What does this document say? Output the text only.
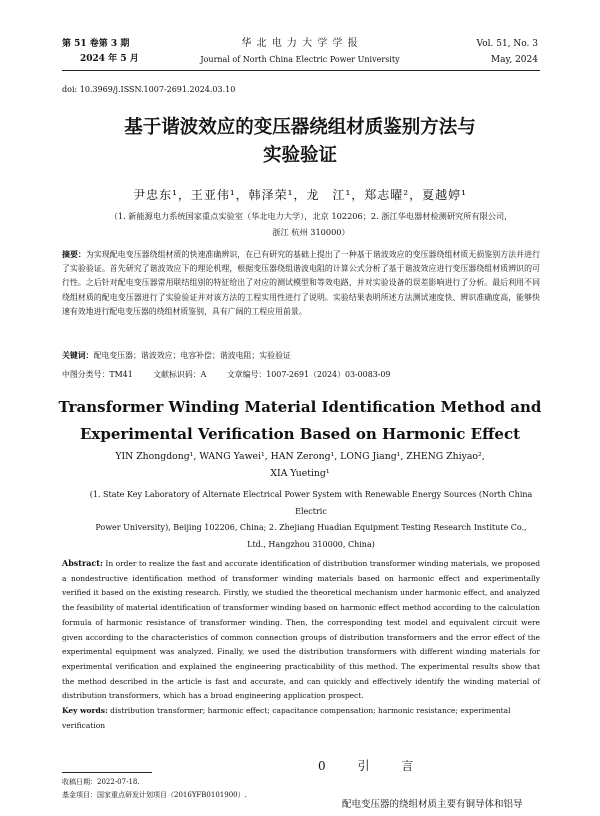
第 51 卷第 3 期
2024 年 5 月
华 北 电 力 大 学 学 报
Journal of North China Electric Power University
Vol. 51, No. 3
May, 2024
doi: 10.3969/j.ISSN.1007-2691.2024.03.10
基于谐波效应的变压器绕组材质鉴别方法与
实验验证
尹忠东¹，王亚伟¹，韩泽荣¹，龙　江¹，郑志曜²，夏越婷¹
（1. 新能源电力系统国家重点实验室（华北电力大学），北京 102206；2. 浙江华电器材检测研究所有限公司，
浙江 杭州 310000）
摘要：为实现配电变压器绕组材质的快速准确辨识，在已有研究的基础上提出了一种基于谐波效应的变压器绕组材质无损鉴别方法并进行了实验验证。首先研究了谐波效应下的理论机理，根据变压器绕组谐波电阻的计算公式分析了基于谐波效应进行变压器绕组材质辨识的可行性。之后针对配电变压器常用联结组别的特征给出了对应的测试模型和等效电路，并对实验设备的误差影响进行了分析。最后利用不同绕组材质的配电变压器进行了实验验证并对该方法的工程实用性进行了说明。实验结果表明所述方法测试速度快、辨识准确度高，能够快速有效地进行配电变压器的绕组材质鉴别，具有广阔的工程应用前景。
关键词：配电变压器；谐波效应；电容补偿；谐波电阻；实验验证
中图分类号：TM41	文献标识码：A	文章编号：1007-2691（2024）03-0083-09
Transformer Winding Material Identification Method and
Experimental Verification Based on Harmonic Effect
YIN Zhongdong¹, WANG Yawei¹, HAN Zerong¹, LONG Jiang¹, ZHENG Zhiyao²,
XIA Yueting¹
(1. State Key Laboratory of Alternate Electrical Power System with Renewable Energy Sources (North China Electric
Power University), Beijing 102206, China; 2. Zhejiang Huadian Equipment Testing Research Institute Co.,
Ltd., Hangzhou 310000, China)
Abstract: In order to realize the fast and accurate identification of distribution transformer winding materials, we proposed a nondestructive identification method of transformer winding materials based on harmonic effect and experimentally verified it based on the existing research. Firstly, we studied the theoretical mechanism under harmonic effect, and analyzed the feasibility of material identification of transformer winding based on harmonic effect method according to the calculation formula of harmonic resistance of transformer winding. Then, the corresponding test model and equivalent circuit were given according to the characteristics of common connection groups of distribution transformers and the error effect of the experimental equipment was analyzed. Finally, we used the distribution transformers with different winding materials for experimental verification and explained the engineering practicability of this method. The experimental results show that the method described in the article is fast and accurate, and can quickly and effectively identify the winding material of distribution transformers, which has a broad engineering application prospect.
Key words: distribution transformer; harmonic effect; capacitance compensation; harmonic resistance; experimental verification
0 引 言
收稿日期：2022-07-18.
基金项目：国家重点研发计划项目（2016YFB0101900）.
配电变压器的绕组材质主要有铜导体和铝导
